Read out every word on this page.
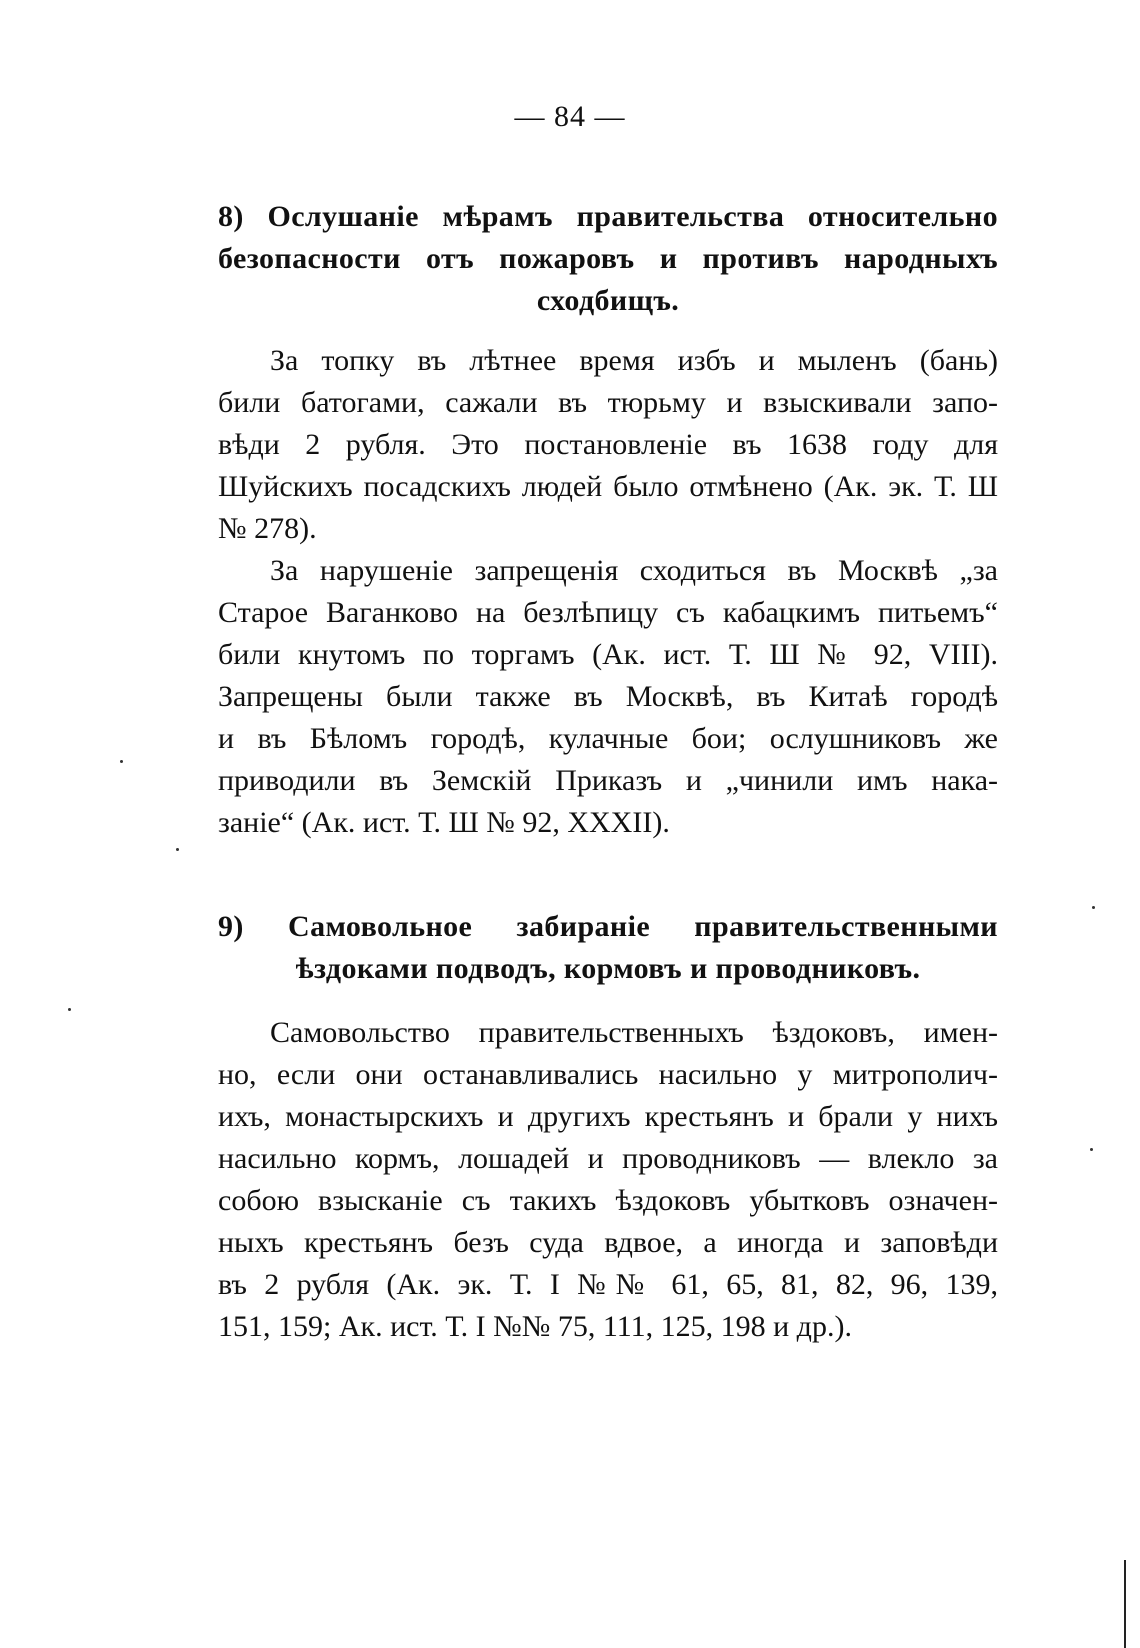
— 84 —
8) Ослушаніе мѣрамъ правительства относительно
безопасности отъ пожаровъ и противъ народныхъ
сходбищъ.

За топку въ лѣтнее время избъ и мыленъ (бань)
били батогами, сажали въ тюрьму и взыскивали запо-
вѣди 2 рубля. Это постановленіе въ 1638 году для
Шуйскихъ посадскихъ людей было отмѣнено (Ак. эк. Т. Ш
№ 278).

За нарушеніе запрещенія сходиться въ Москвѣ „за
Старое Ваганково на безлѣпицу съ кабацкимъ питьемъ“
били кнутомъ по торгамъ (Ак. ист. Т. Ш № 92, VIII).
Запрещены были также въ Москвѣ, въ Китаѣ городѣ
и въ Бѣломъ городѣ, кулачные бои; ослушниковъ же
приводили въ Земскій Приказъ и „чинили имъ нака-
заніе“ (Ак. ист. Т. Ш № 92, XXXII).

9) Самовольное забираніе правительственными
ѣздоками подводъ, кормовъ и проводниковъ.

Самовольство правительственныхъ ѣздоковъ, имен-
но, если они останавливались насильно у митрополич-
ихъ, монастырскихъ и другихъ крестьянъ и брали у нихъ
насильно кормъ, лошадей и проводниковъ — влекло за
собою взысканіе съ такихъ ѣздоковъ убытковъ означен-
ныхъ крестьянъ безъ суда вдвое, а иногда и заповѣди
въ 2 рубля (Ак. эк. Т. I №№ 61, 65, 81, 82, 96, 139,
151, 159; Ак. ист. Т. I №№ 75, 111, 125, 198 и др.).
